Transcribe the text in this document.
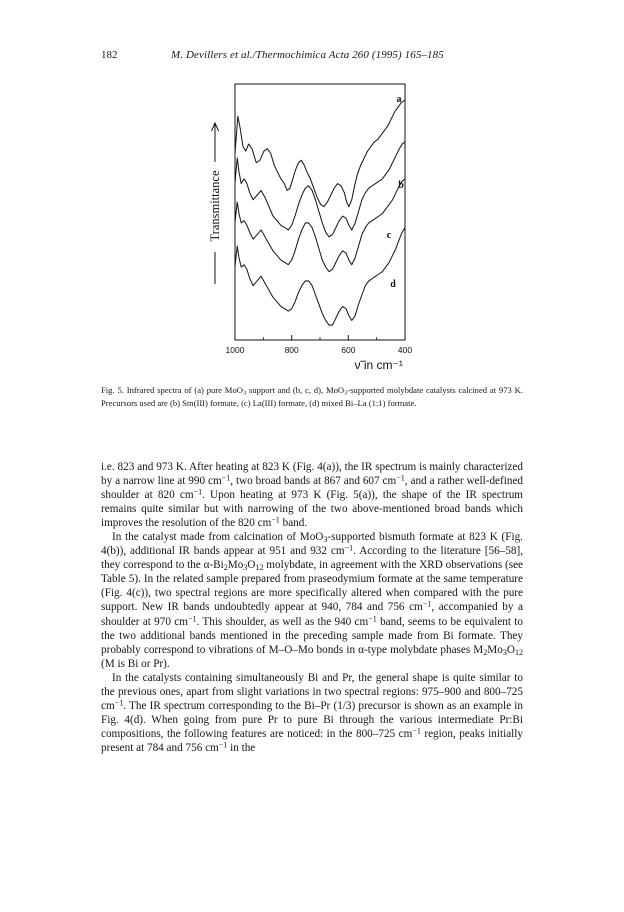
182	M. Devillers et al./Thermochimica Acta 260 (1995) 165–185
1000	800	600	400
ν̃ in cm⁻¹
Transmittance
a
b
c
d
Fig. 5. Infrared spectra of (a) pure MoO$_3$ support and (b, c, d), MoO$_3$-supported molybdate catalysts calcined at 973 K. Precursors used are (b) Sm(III) formate, (c) La(III) formate, (d) mixed Bi–La (1:1) formate.

i.e. 823 and 973 K. After heating at 823 K (Fig. 4(a)), the IR spectrum is mainly characterized by a narrow line at 990 $cm^{-1}$, two broad bands at 867 and 607 $cm^{-1}$, and a rather well-defined shoulder at 820 $cm^{-1}$. Upon heating at 973 K (Fig. 5(a)), the shape of the IR spectrum remains quite similar but with narrowing of the two above-mentioned broad bands which improves the resolution of the 820 $cm^{-1}$ band.

In the catalyst made from calcination of MoO$_3$-supported bismuth formate at 823 K (Fig. 4(b)), additional IR bands appear at 951 and 932 $cm^{-1}$. According to the literature [56–58], they correspond to the $\alpha-Bi_2Mo_3O_{12}$ molybdate, in agreement with the XRD observations (see Table 5). In the related sample prepared from praseodymium formate at the same temperature (Fig. 4(c)), two spectral regions are more specifically altered when compared with the pure support. New IR bands undoubtedly appear at 940, 784 and 756 $cm^{-1}$, accompanied by a shoulder at 970 $cm^{-1}$. This shoulder, as well as the 940 $cm^{-1}$ band, seems to be equivalent to the two additional bands mentioned in the preceding sample made from Bi formate. They probably correspond to vibrations of M–O–Mo bonds in α-type molybdate phases $M_2Mo_3O_{12}$ (M is Bi or Pr).

In the catalysts containing simultaneously Bi and Pr, the general shape is quite similar to the previous ones, apart from slight variations in two spectral regions: 975–900 and 800–725 $cm^{-1}$. The IR spectrum corresponding to the Bi–Pr (1/3) precursor is shown as an example in Fig. 4(d). When going from pure Pr to pure Bi through the various intermediate Pr:Bi compositions, the following features are noticed: in the 800–725 $cm^{-1}$ region, peaks initially present at 784 and 756 $cm^{-1}$ in the
